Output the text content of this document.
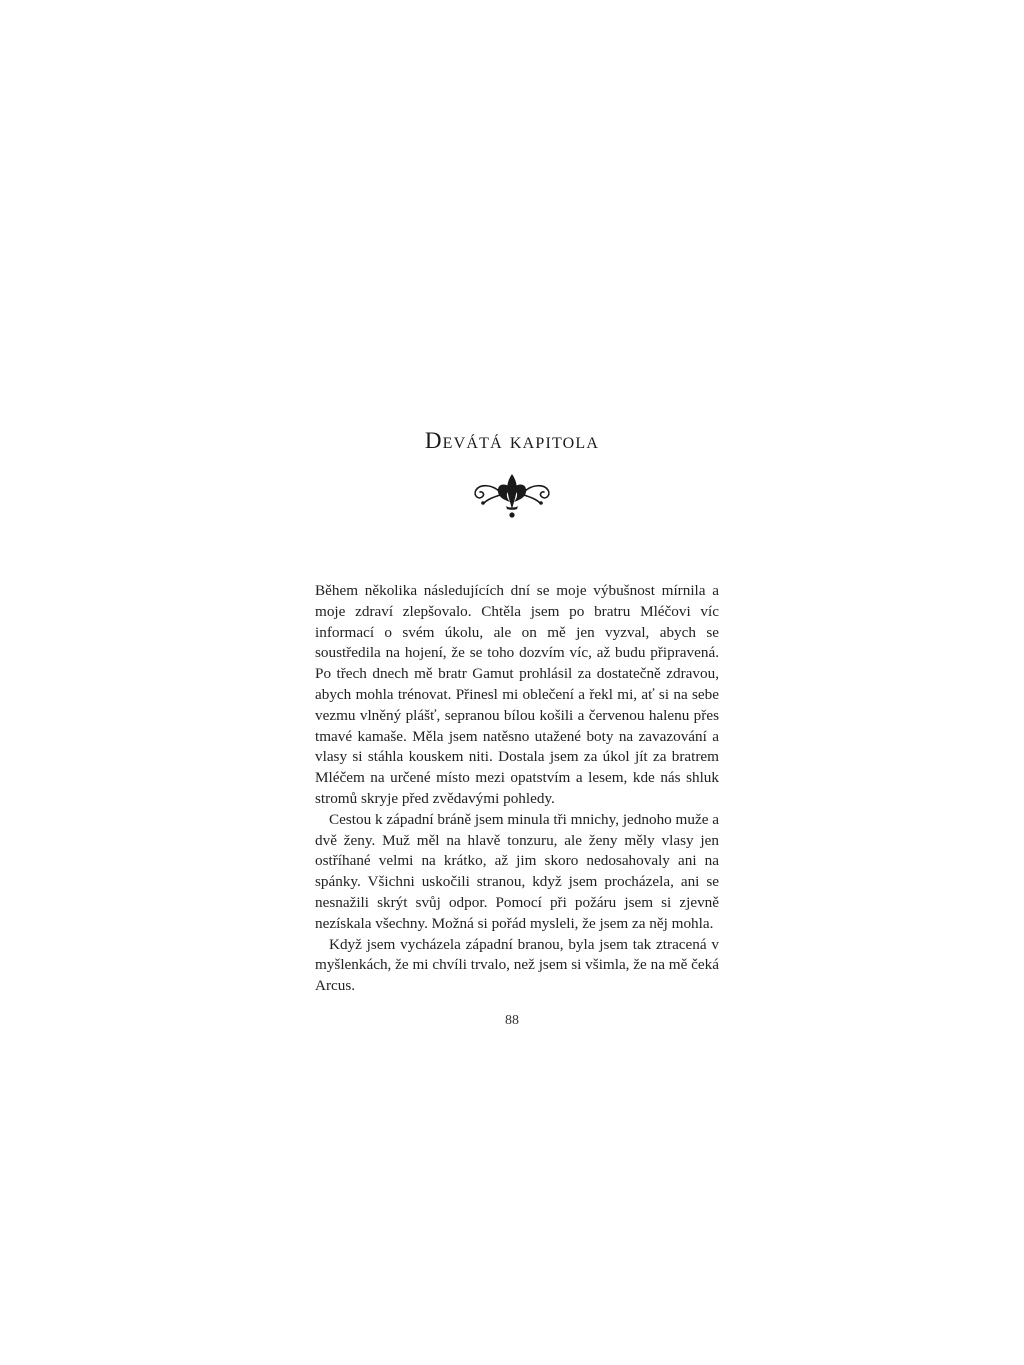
Devátá kapitola

Během několika následujících dní se moje výbušnost mírnila a moje zdraví zlepšovalo. Chtěla jsem po bratru Mléčovi víc informací o svém úkolu, ale on mě jen vyzval, abych se soustředila na hojení, že se toho dozvím víc, až budu připravená. Po třech dnech mě bratr Gamut prohlásil za dostatečně zdravou, abych mohla trénovat. Přinesl mi oblečení a řekl mi, ať si na sebe vezmu vlněný plášť, sepranou bílou košili a červenou halenu přes tmavé kamaše. Měla jsem natěsno utažené boty na zavazování a vlasy si stáhla kouskem niti. Dostala jsem za úkol jít za bratrem Mléčem na určené místo mezi opatstvím a lesem, kde nás shluk stromů skryje před zvědavými pohledy.

Cestou k západní bráně jsem minula tři mnichy, jednoho muže a dvě ženy. Muž měl na hlavě tonzuru, ale ženy měly vlasy jen ostříhané velmi na krátko, až jim skoro nedosahovaly ani na spánky. Všichni uskočili stranou, když jsem procházela, ani se nesnažili skrýt svůj odpor. Pomocí při požáru jsem si zjevně nezískala všechny. Možná si pořád mysleli, že jsem za něj mohla.

Když jsem vycházela západní branou, byla jsem tak ztracená v myšlenkách, že mi chvíli trvalo, než jsem si všimla, že na mě čeká Arcus.

88
